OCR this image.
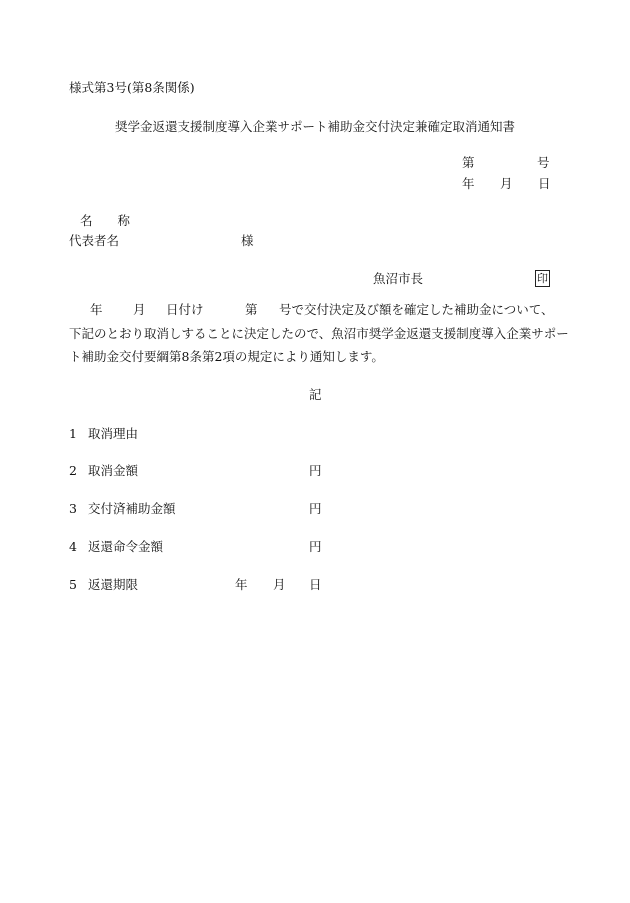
様式第3号(第8条関係)
奨学金返還支援制度導入企業サポート補助金交付決定兼確定取消通知書
第	号
年 月 日
名　　称
代表者名	様
魚沼市長	印
年 月 日付け	第 号で交付決定及び額を確定した補助金について、
下記のとおり取消しすることに決定したので、魚沼市奨学金返還支援制度導入企業サポー
ト補助金交付要綱第8条第2項の規定により通知します。
記
1 取消理由
2 取消金額	円
3 交付済補助金額	円
4 返還命令金額	円
5 返還期限	年 月 日
